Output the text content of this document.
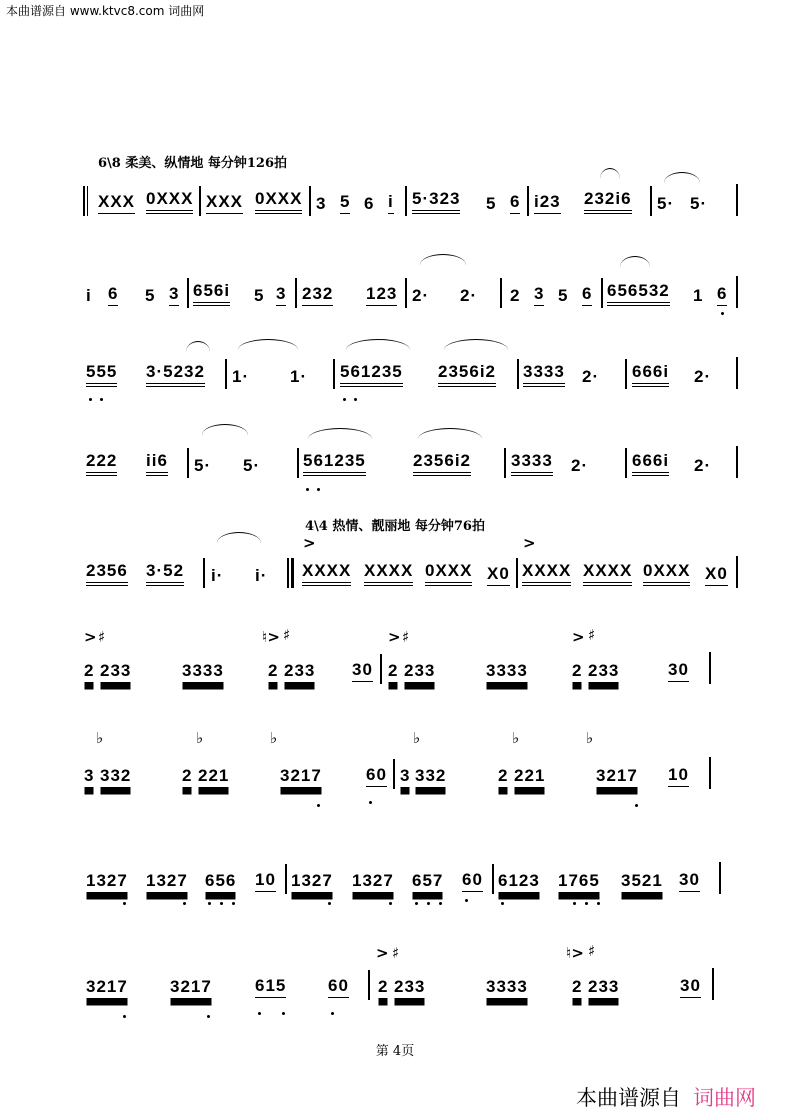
本曲谱源自 www.ktvc8.com 词曲网
6\8 柔美、纵情地 每分钟126拍
4\4 热情、靓丽地 每分钟76拍
XXX 0XXX XXX 0XXX 3 5 6 i 5·323 5 6 i23 232i6 5· 5·
i 6 5 3 656i 5 3 232 123 2· 2· 2 3 5 6 656532 1 6
555 3·5232 1· 1· 561235 2356i2 3333 2· 666i 2·
222 ii6 5· 5·	561235	2356i2 3333 2·	666i 2·
2356 3·52 i· i· XXXX
>
XXXX 0XXX X0 XXXX
>
XXXX 0XXX X0
>
2
♯
233	3333
♮>
2
♯
233 30
>
2
♯
233	3333
>
2
♯
233	30
3
♭
332	2
♭
221
♭
3217	60 3
♭
332	2
♭
221
♭
3217 10
1327 1327 656 10 1327 1327 657 60 6123 1765 3521 30
3217 3217	615 60
>
2
♯
233	3333
♮>
2
♯
233	30
第 4页
本曲谱源自 词曲网
